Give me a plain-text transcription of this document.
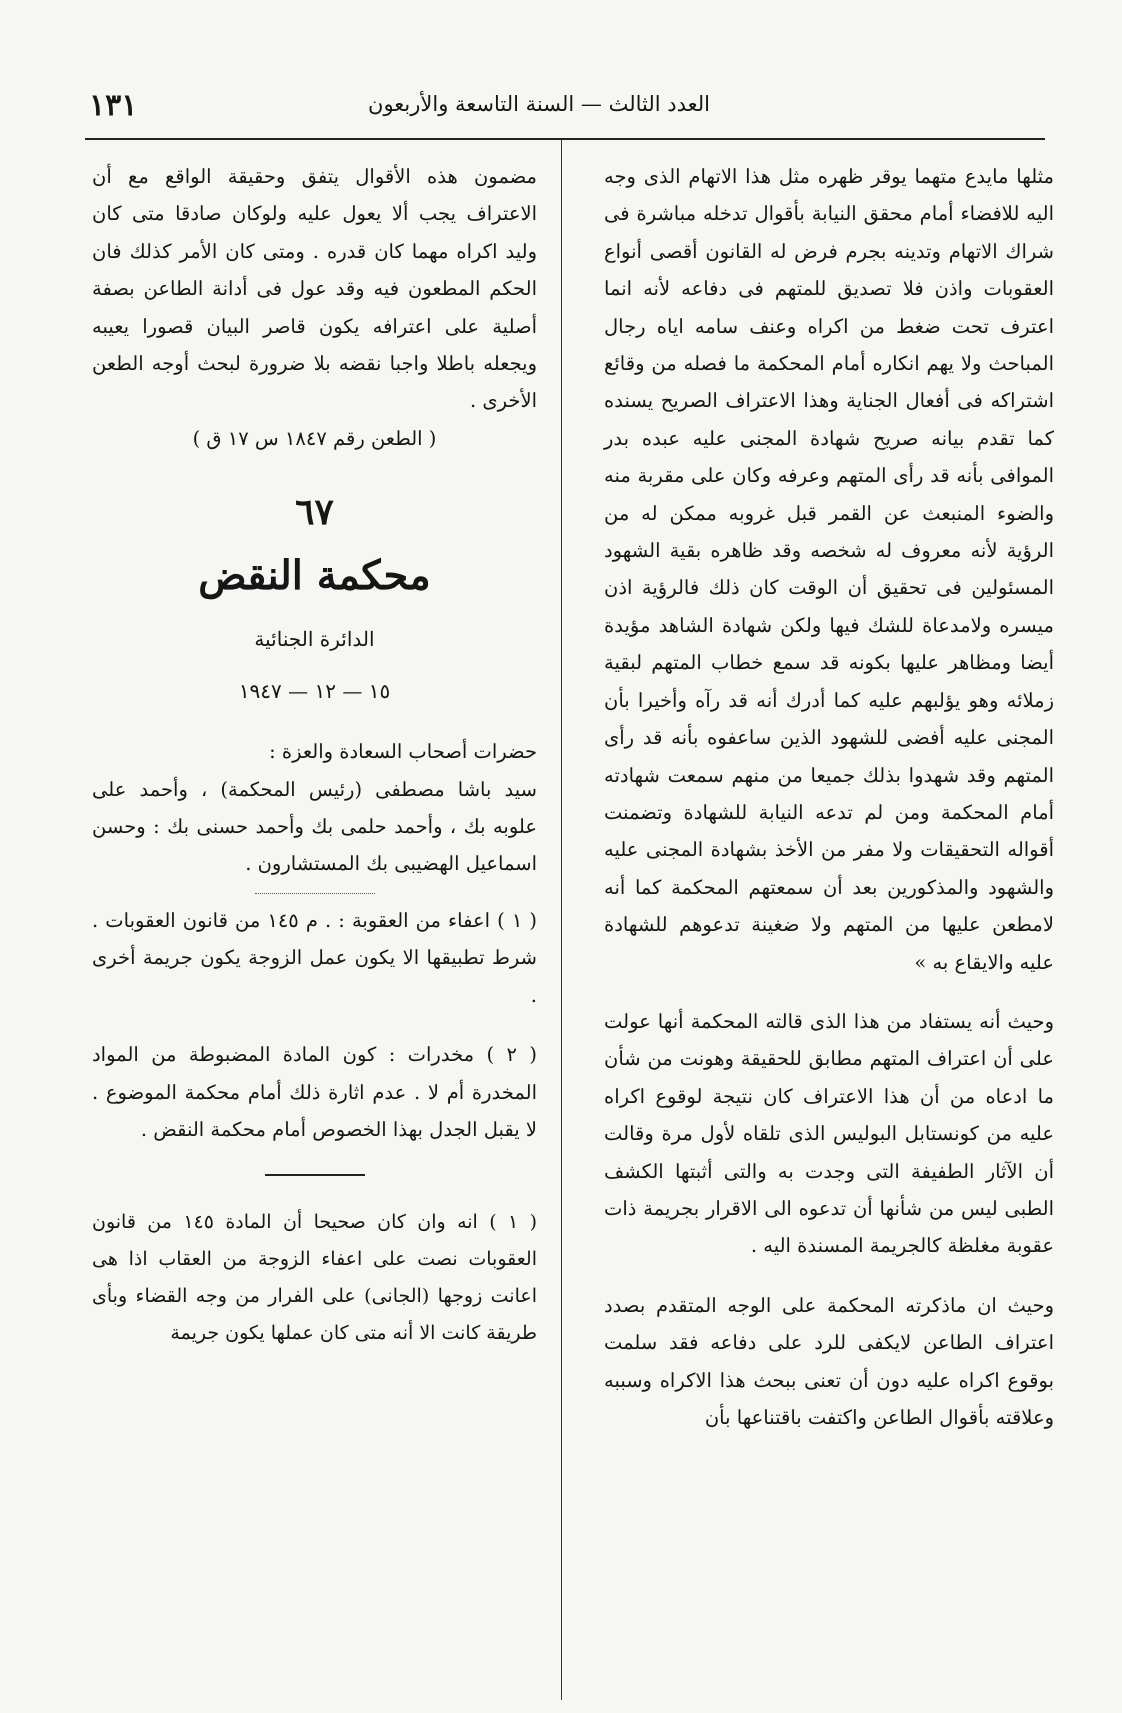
العدد الثالث — السنة التاسعة والأربعون
١٣١

مثلها مايدع متهما يوقر ظهره مثل هذا الاتهام الذى وجه اليه للافضاء أمام محقق النيابة بأقوال تدخله مباشرة فى شراك الاتهام وتدينه بجرم فرض له القانون أقصى أنواع العقوبات واذن فلا تصديق للمتهم فى دفاعه لأنه انما اعترف تحت ضغط من اكراه وعنف سامه اياه رجال المباحث ولا يهم انكاره أمام المحكمة ما فصله من وقائع اشتراكه فى أفعال الجناية وهذا الاعتراف الصريح يسنده كما تقدم بيانه صريح شهادة المجنى عليه عبده بدر الموافى بأنه قد رأى المتهم وعرفه وكان على مقربة منه والضوء المنبعث عن القمر قبل غروبه ممكن له من الرؤية لأنه معروف له شخصه وقد ظاهره بقية الشهود المسئولين فى تحقيق أن الوقت كان ذلك فالرؤية اذن ميسره ولامدعاة للشك فيها ولكن شهادة الشاهد مؤيدة أيضا ومظاهر عليها بكونه قد سمع خطاب المتهم لبقية زملائه وهو يؤلبهم عليه كما أدرك أنه قد رآه وأخيرا بأن المجنى عليه أفضى للشهود الذين ساعفوه بأنه قد رأى المتهم وقد شهدوا بذلك جميعا من منهم سمعت شهادته أمام المحكمة ومن لم تدعه النيابة للشهادة وتضمنت أقواله التحقيقات ولا مفر من الأخذ بشهادة المجنى عليه والشهود والمذكورين بعد أن سمعتهم المحكمة كما أنه لامطعن عليها من المتهم ولا ضغينة تدعوهم للشهادة عليه والايقاع به »

وحيث أنه يستفاد من هذا الذى قالته المحكمة أنها عولت على أن اعتراف المتهم مطابق للحقيقة وهونت من شأن ما ادعاه من أن هذا الاعتراف كان نتيجة لوقوع اكراه عليه من كونستابل البوليس الذى تلقاه لأول مرة وقالت أن الآثار الطفيفة التى وجدت به والتى أثبتها الكشف الطبى ليس من شأنها أن تدعوه الى الاقرار بجريمة ذات عقوبة مغلظة كالجريمة المسندة اليه .

وحيث ان ماذكرته المحكمة على الوجه المتقدم بصدد اعتراف الطاعن لايكفى للرد على دفاعه فقد سلمت بوقوع اكراه عليه دون أن تعنى ببحث هذا الاكراه وسببه وعلاقته بأقوال الطاعن واكتفت باقتناعها بأن

مضمون هذه الأقوال يتفق وحقيقة الواقع مع أن الاعتراف يجب ألا يعول عليه ولوكان صادقا متى كان وليد اكراه مهما كان قدره . ومتى كان الأمر كذلك فان الحكم المطعون فيه وقد عول فى أدانة الطاعن بصفة أصلية على اعترافه يكون قاصر البيان قصورا يعيبه ويجعله باطلا واجبا نقضه بلا ضرورة لبحث أوجه الطعن الأخرى .

( الطعن رقم ١٨٤٧ س ١٧ ق )

٦٧
محكمة النقض
الدائرة الجنائية
١٥ — ١٢ — ١٩٤٧

حضرات أصحاب السعادة والعزة :

سيد باشا مصطفى (رئيس المحكمة) ، وأحمد على علوبه بك ، وأحمد حلمى بك وأحمد حسنى بك : وحسن اسماعيل الهضيبى بك المستشارون .

( ١ ) اعفاء من العقوبة : . م ١٤٥ من قانون العقوبات . شرط تطبيقها الا يكون عمل الزوجة يكون جريمة أخرى .

( ٢ ) مخدرات : كون المادة المضبوطة من المواد المخدرة أم لا . عدم اثارة ذلك أمام محكمة الموضوع . لا يقبل الجدل بهذا الخصوص أمام محكمة النقض .

( ١ ) انه وان كان صحيحا أن المادة ١٤٥ من قانون العقوبات نصت على اعفاء الزوجة من العقاب اذا هى اعانت زوجها (الجانى) على الفرار من وجه القضاء وبأى طريقة كانت الا أنه متى كان عملها يكون جريمة
